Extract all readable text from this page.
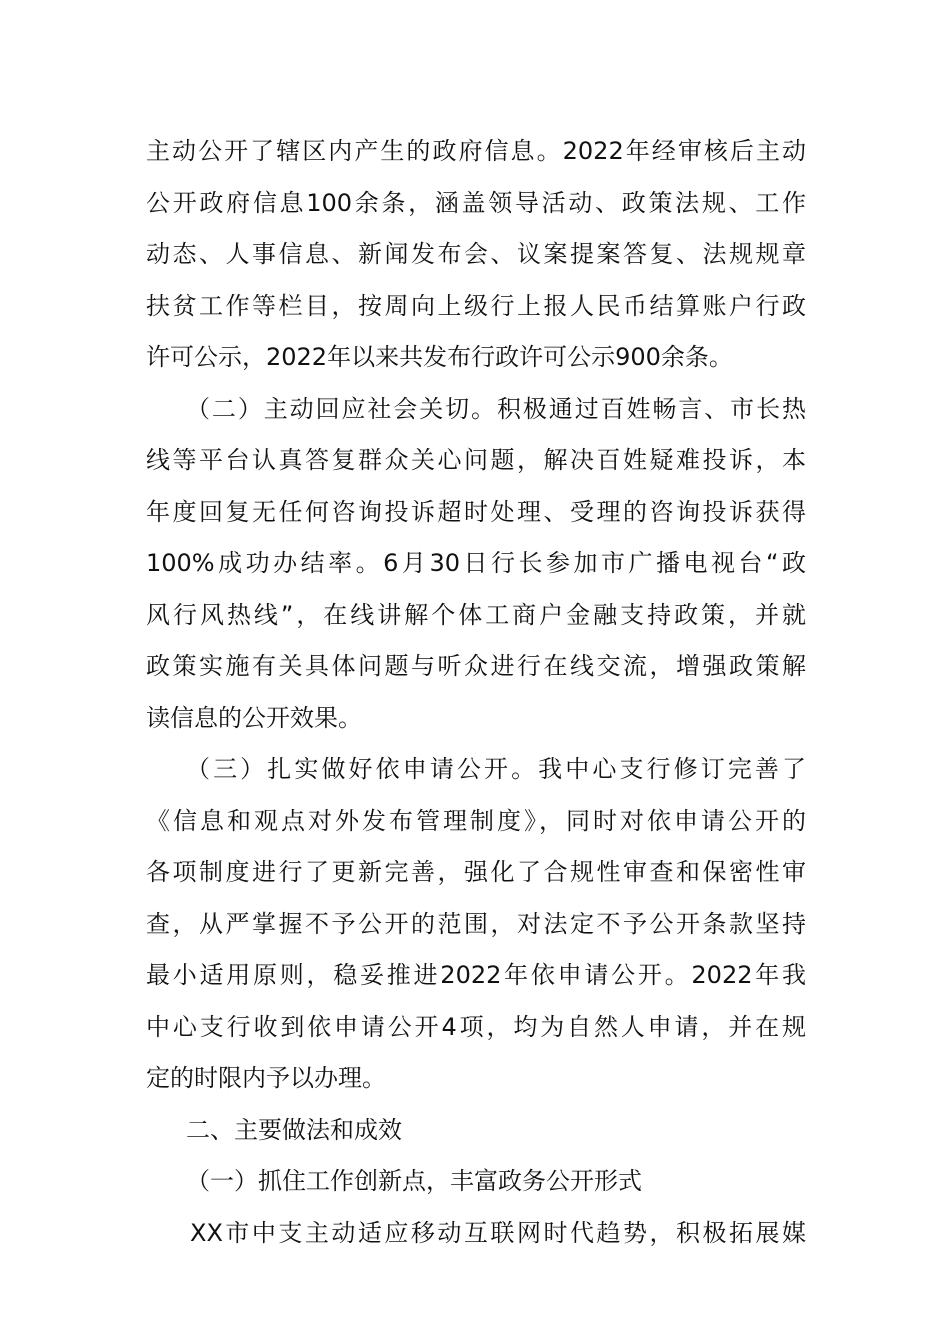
主动公开了辖区内产生的政府信息。2022年经审核后主动
公开政府信息100余条，涵盖领导活动、政策法规、工作
动态、人事信息、新闻发布会、议案提案答复、法规规章
扶贫工作等栏目，按周向上级行上报人民币结算账户行政
许可公示，2022年以来共发布行政许可公示900余条。
（二）主动回应社会关切。积极通过百姓畅言、市长热
线等平台认真答复群众关心问题，解决百姓疑难投诉，本
年度回复无任何咨询投诉超时处理、受理的咨询投诉获得
100%成功办结率。6月30日行长参加市广播电视台“政
风行风热线”，在线讲解个体工商户金融支持政策，并就
政策实施有关具体问题与听众进行在线交流，增强政策解
读信息的公开效果。
（三）扎实做好依申请公开。我中心支行修订完善了
《信息和观点对外发布管理制度》，同时对依申请公开的
各项制度进行了更新完善，强化了合规性审查和保密性审
查，从严掌握不予公开的范围，对法定不予公开条款坚持
最小适用原则，稳妥推进2022年依申请公开。2022年我
中心支行收到依申请公开4项，均为自然人申请，并在规
定的时限内予以办理。
二、主要做法和成效
（一）抓住工作创新点，丰富政务公开形式
XX市中支主动适应移动互联网时代趋势，积极拓展媒
